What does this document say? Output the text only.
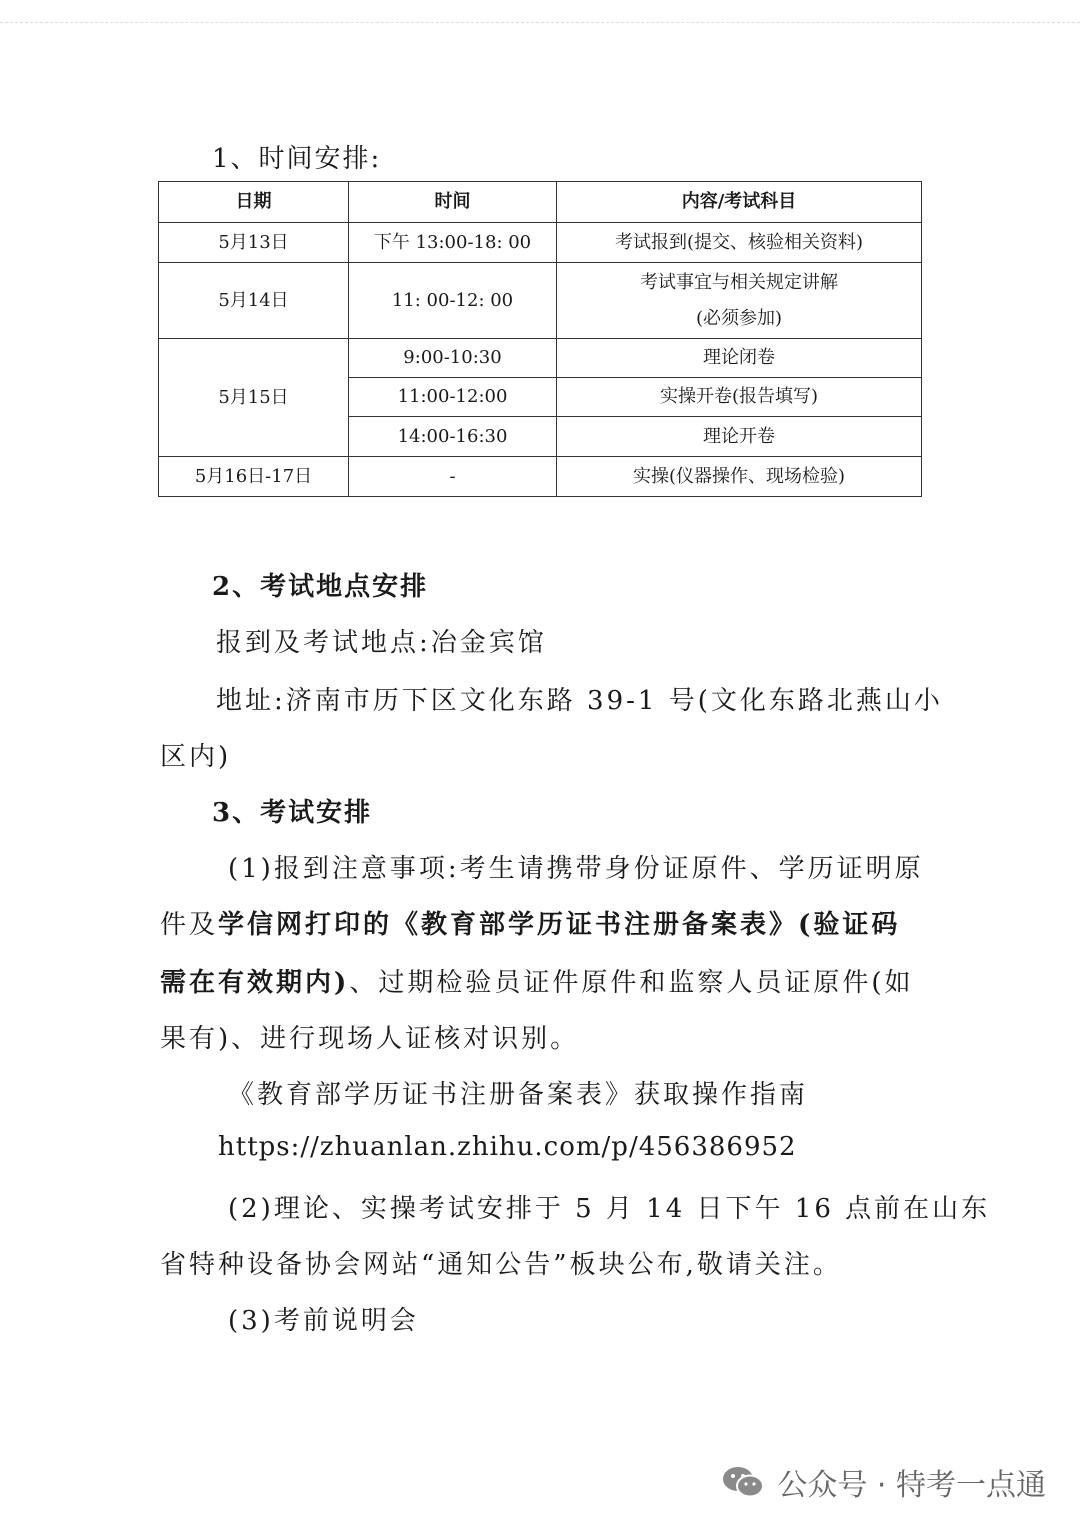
1、时间安排:
日期	时间	内容/考试科目
5月13日	下午 13:00-18: 00	考试报到(提交、核验相关资料)
5月14日	11: 00-12: 00	考试事宜与相关规定讲解
(必须参加)

5月15日	9:00-10:30	理论闭卷
	11:00-12:00	实操开卷(报告填写)
	14:00-16:30	理论开卷
5月16日-17日	-	实操(仪器操作、现场检验)
2、考试地点安排
报到及考试地点:冶金宾馆
地址:济南市历下区文化东路 39-1 号(文化东路北燕山小
区内)
3、考试安排
(1)报到注意事项:考生请携带身份证原件、学历证明原
件及学信网打印的《教育部学历证书注册备案表》(验证码
需在有效期内)、过期检验员证件原件和监察人员证原件(如
果有)、进行现场人证核对识别。
《教育部学历证书注册备案表》获取操作指南
https://zhuanlan.zhihu.com/p/456386952
(2)理论、实操考试安排于 5 月 14 日下午 16 点前在山东
省特种设备协会网站“通知公告”板块公布,敬请关注。
(3)考前说明会
公众号 · 特考一点通
